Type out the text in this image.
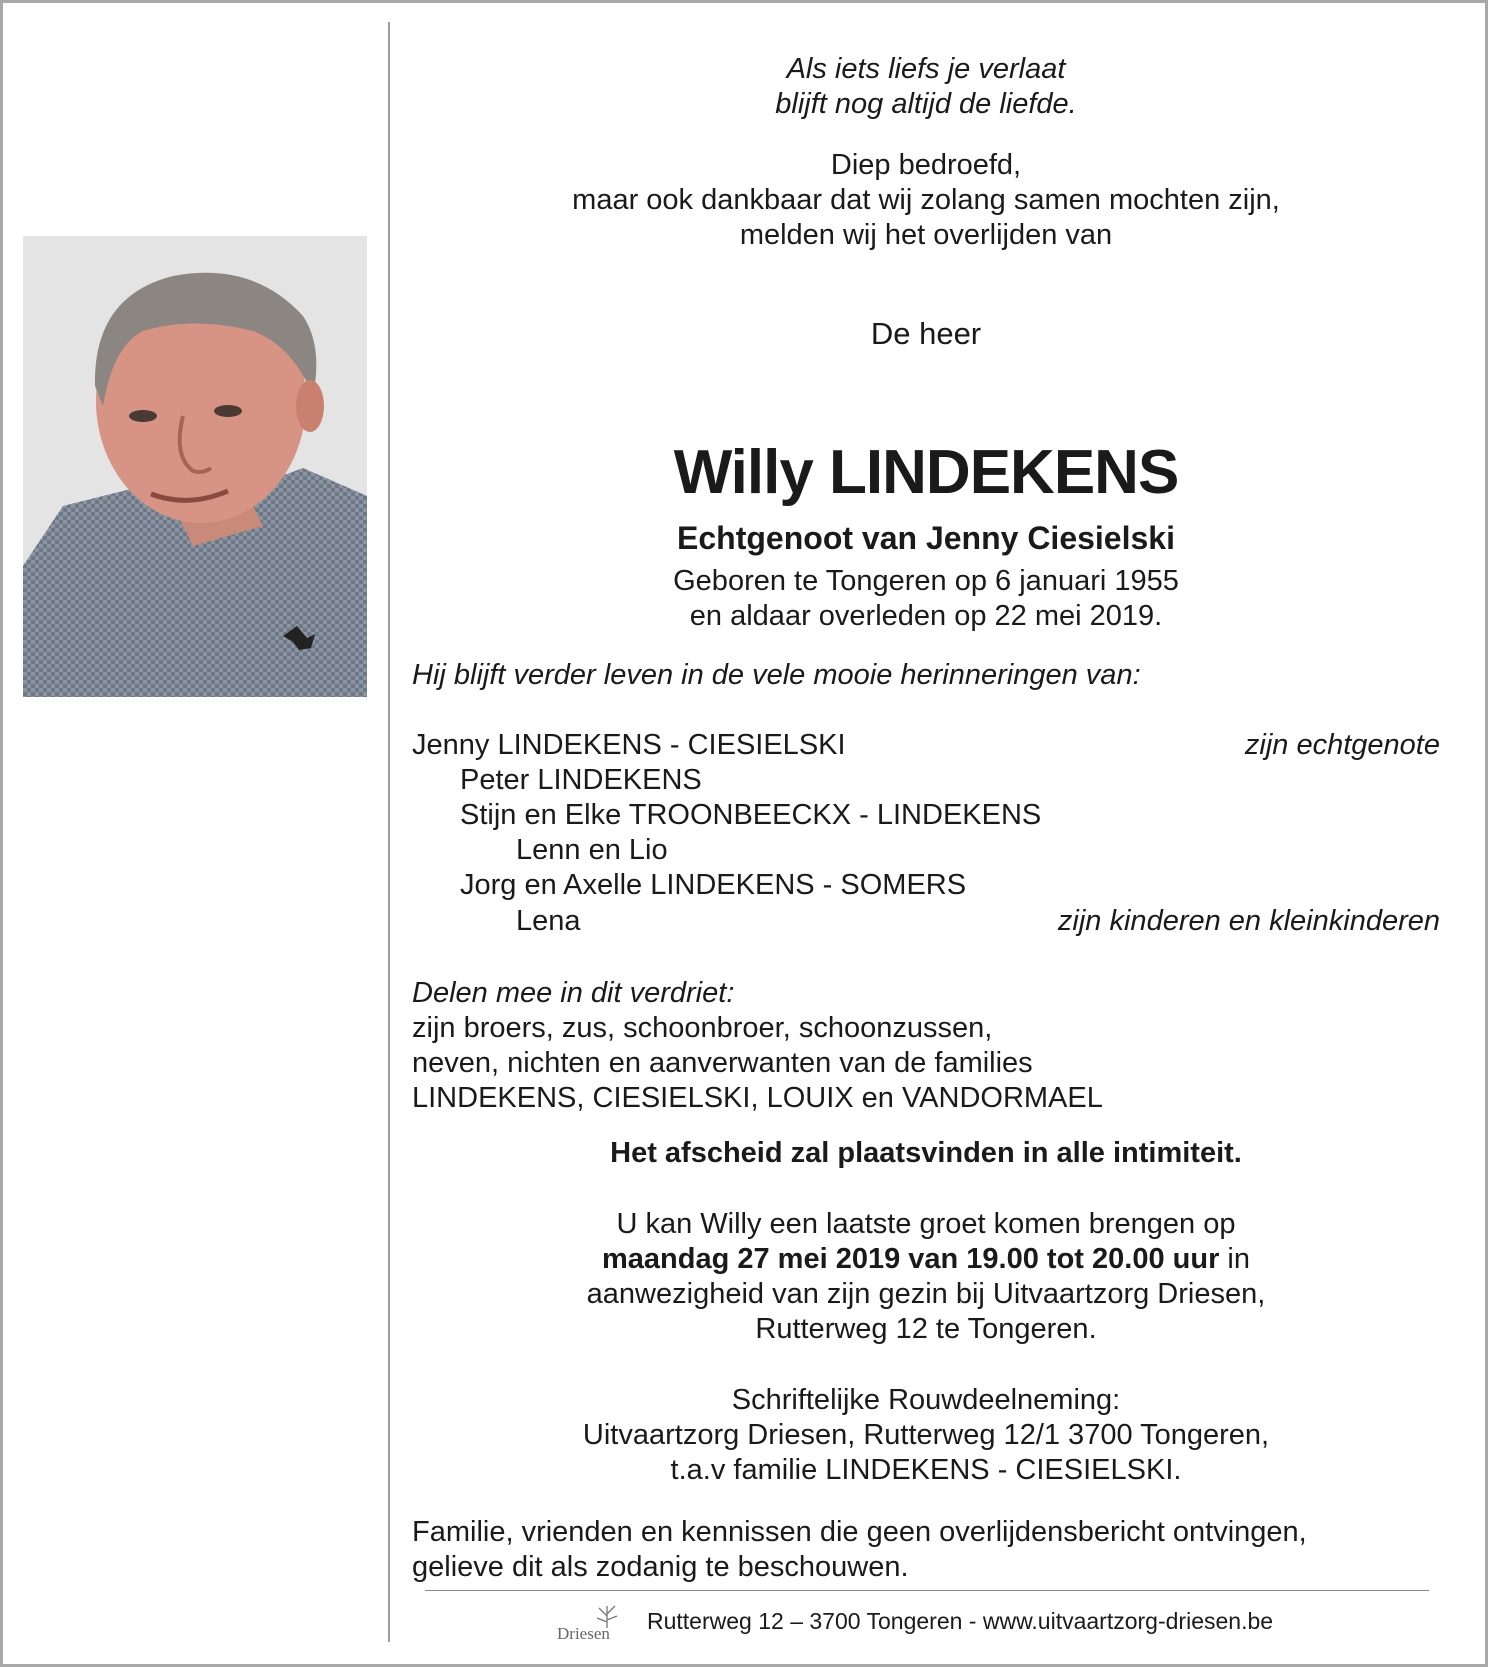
Als iets liefs je verlaat

blijft nog altijd de liefde.

Diep bedroefd,

maar ook dankbaar dat wij zolang samen mochten zijn,

melden wij het overlijden van

De heer

Willy LINDEKENS

Echtgenoot van Jenny Ciesielski

Geboren te Tongeren op 6 januari 1955

en aldaar overleden op 22 mei 2019.

Hij blijft verder leven in de vele mooie herinneringen van:

Jenny LINDEKENS - CIESIELSKI	zijn echtgenote

Peter LINDEKENS

Stijn en Elke TROONBEECKX - LINDEKENS

Lenn en Lio

Jorg en Axelle LINDEKENS - SOMERS

Lena	zijn kinderen en kleinkinderen

Delen mee in dit verdriet:

zijn broers, zus, schoonbroer, schoonzussen,

neven, nichten en aanverwanten van de families

LINDEKENS, CIESIELSKI, LOUIX en VANDORMAEL

Het afscheid zal plaatsvinden in alle intimiteit.

U kan Willy een laatste groet komen brengen op

maandag 27 mei 2019 van 19.00 tot 20.00 uur in

aanwezigheid van zijn gezin bij Uitvaartzorg Driesen,

Rutterweg 12 te Tongeren.

Schriftelijke Rouwdeelneming:

Uitvaartzorg Driesen, Rutterweg 12/1 3700 Tongeren,

t.a.v familie LINDEKENS - CIESIELSKI.

Familie, vrienden en kennissen die geen overlijdensbericht ontvingen,

gelieve dit als zodanig te beschouwen.

Driesen Rutterweg 12 – 3700 Tongeren - www.uitvaartzorg-driesen.be
